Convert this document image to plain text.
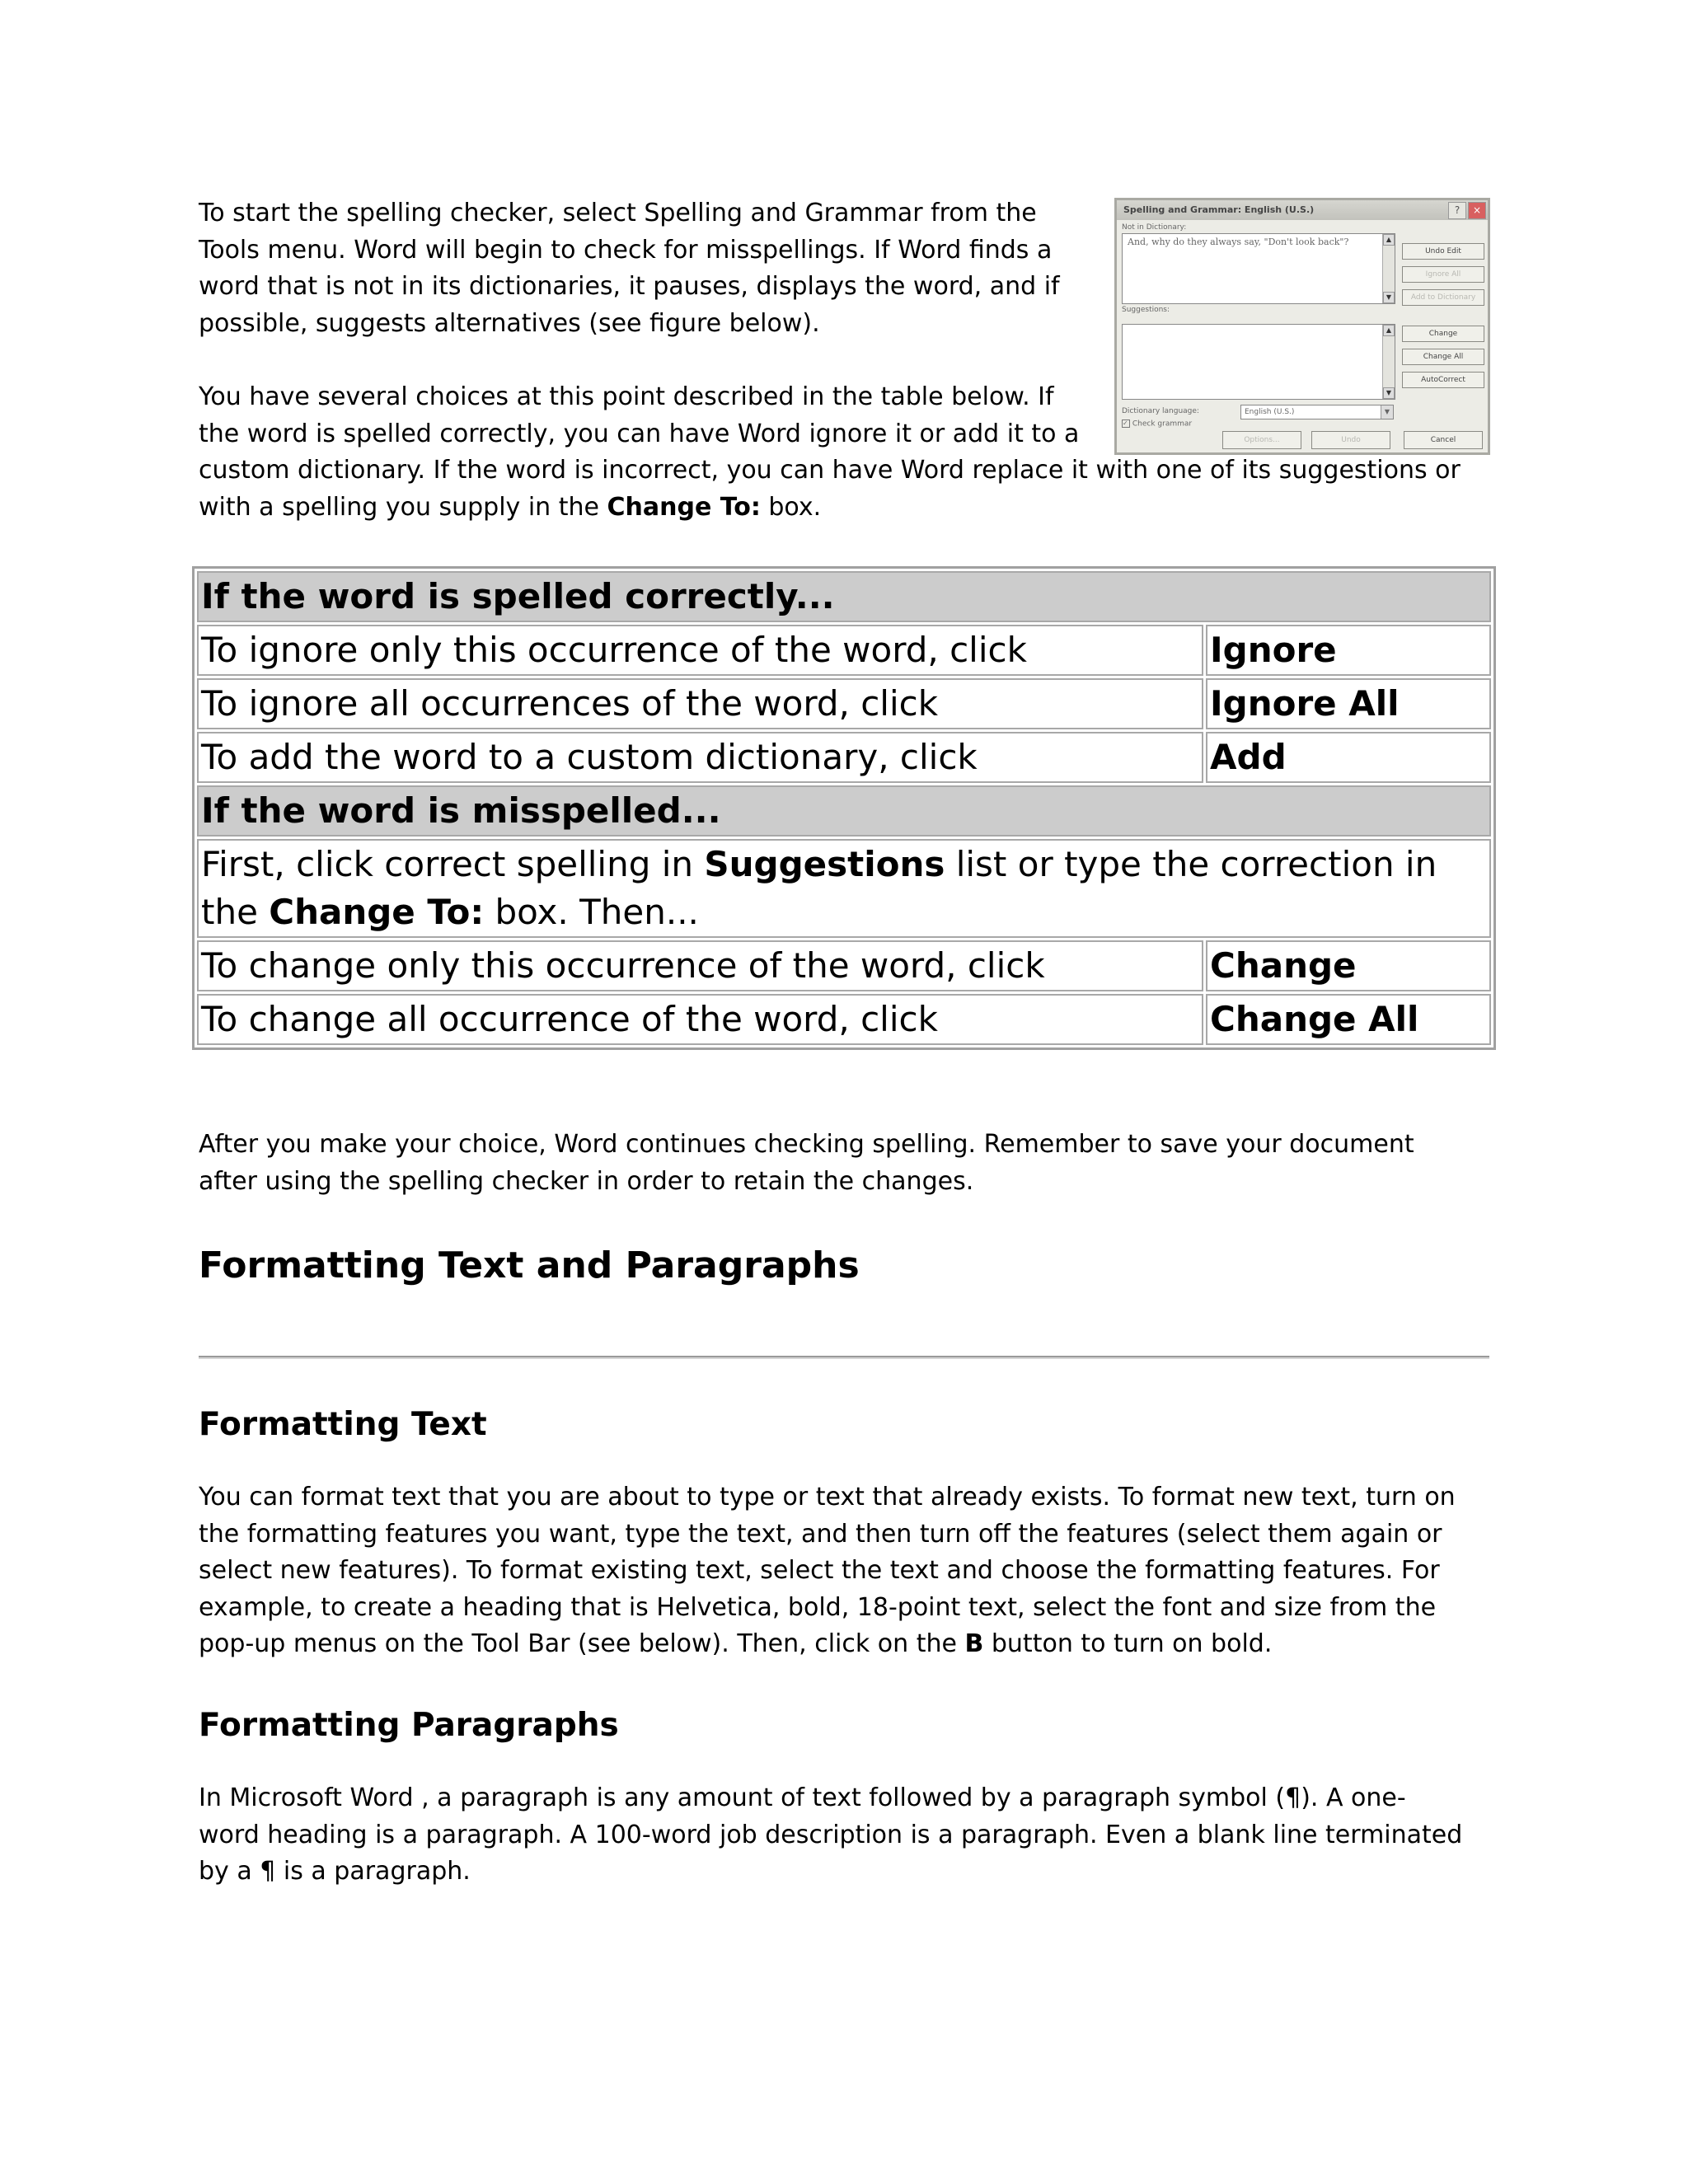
To start the spelling checker, select Spelling and Grammar from the
Tools menu. Word will begin to check for misspellings. If Word finds a
word that is not in its dictionaries, it pauses, displays the word, and if
possible, suggests alternatives (see figure below).

You have several choices at this point described in the table below. If
the word is spelled correctly, you can have Word ignore it or add it to a
custom dictionary. If the word is incorrect, you can have Word replace it with one of its suggestions or
with a spelling you supply in the Change To: box.

If the word is spelled correctly...	
To ignore only this occurrence of the word, click	Ignore
To ignore all occurrences of the word, click	Ignore All
To add the word to a custom dictionary, click	Add
If the word is misspelled...	
First, click correct spelling in Suggestions list or type the correction in the Change To: box. Then...	
To change only this occurrence of the word, click	Change
To change all occurrence of the word, click	Change All

After you make your choice, Word continues checking spelling. Remember to save your document
after using the spelling checker in order to retain the changes.

Formatting Text and Paragraphs
Formatting Text

You can format text that you are about to type or text that already exists. To format new text, turn on
the formatting features you want, type the text, and then turn off the features (select them again or
select new features). To format existing text, select the text and choose the formatting features. For
example, to create a heading that is Helvetica, bold, 18-point text, select the font and size from the
pop-up menus on the Tool Bar (see below). Then, click on the B button to turn on bold.

Formatting Paragraphs

In Microsoft Word , a paragraph is any amount of text followed by a paragraph symbol (¶). A one-
word heading is a paragraph. A 100-word job description is a paragraph. Even a blank line terminated
by a ¶ is a paragraph.

Spelling and Grammar: English (U.S.)	?	×
Not in Dictionary:
And, why do they always say, "Don't look back"?	▲
▼
Suggestions:
▲
▼
Undo Edit
Ignore All
Add to Dictionary
Change
Change All
AutoCorrect
Dictionary language:	English (U.S.)	▼
✓ Check grammar
Options...	Undo	Cancel
